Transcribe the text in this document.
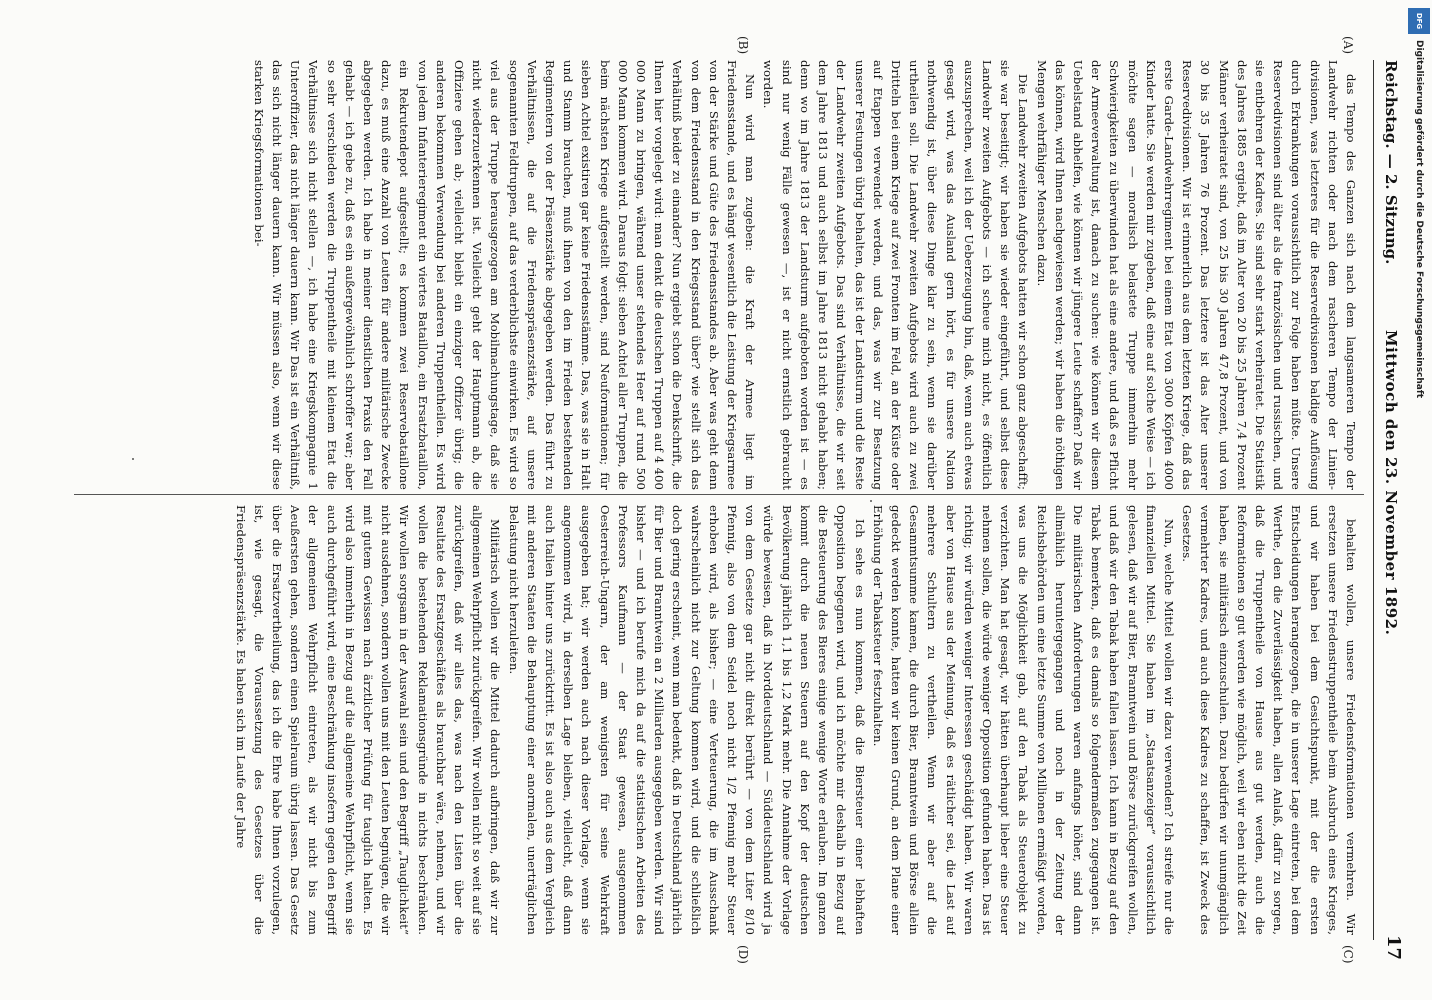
Reichstag. — 2. Sitzung.
Mittwoch den 23. November 1892.
17
(A)
(B)
(C)
(D)

das Tempo des Ganzen sich nach dem langsameren Tempo der Landwehr richten oder nach dem rascheren Tempo der Linien-divisionen, was letzteres für die Reservedivisionen baldige Auflösung durch Erkrankungen voraussichtlich zur Folge haben müßte. Unsere Reservedivisionen sind älter als die französischen und russischen, und sie entbehren der Kadres. Sie sind sehr stark verheiratet. Die Statistik des Jahres 1885 ergiebt, daß im Alter von 20 bis 25 Jahren 7,4 Prozent Männer verheiratet sind, von 25 bis 30 Jahren 47,8 Prozent, und von 30 bis 35 Jahren 76 Prozent. Das letztere ist das Alter unserer Reservedivisionen. Wir ist erinnerlich aus dem letzten Kriege, daß das erste Garde-Landwehrregiment bei einem Etat von 3000 Köpfen 4000 Kinder hatte. Sie werden mir zugeben, daß eine auf solche Weise — ich möchte sagen — moralisch belastete Truppe immerhin mehr Schwierigkeiten zu überwinden hat als eine andere, und daß es Pflicht der Armeeverwaltung ist, danach zu suchen: wie können wir diesem Uebelstand abhelfen, wie können wir jüngere Leute schaffen? Daß wir das können, wird Ihnen nachgewiesen werden; wir haben die nöthigen Mengen wehrfähiger Menschen dazu.

Die Landwehr zweiten Aufgebots hatten wir schon ganz abgeschafft; sie war beseitigt; wir haben sie wieder eingeführt, und selbst diese Landwehr zweiten Aufgebots — ich scheue mich nicht, es öffentlich auszusprechen, weil ich der Ueberzeugung bin, daß, wenn auch etwas gesagt wird, was das Ausland gern hört, es für unsere Nation nothwendig ist, über diese Dinge klar zu sein, wenn sie darüber urtheilen soll. Die Landwehr zweiten Aufgebots wird auch zu zwei Dritteln bei einem Kriege auf zwei Fronten im Feld, an der Küste oder auf Etappen verwendet werden, und das, was wir zur Besatzung unserer Festungen übrig behalten, das ist der Landsturm und die Reste der Landwehr zweiten Aufgebots. Das sind Verhältnisse, die wir seit dem Jahre 1813 und auch selbst im Jahre 1813 nicht gehabt haben; denn wo im Jahre 1813 der Landsturm aufgeboten worden ist — es sind nur wenig Fälle gewesen —, ist er nicht ernstlich gebraucht worden.

Nun wird man zugeben: die Kraft der Armee liegt im Friedensstande, und es hängt wesentlich die Leistung der Kriegsarmee von der Stärke und Güte des Friedensstandes ab. Aber was geht denn von dem Friedensstand in den Kriegsstand über? wie stellt sich das Verhältniß beider zu einander? Nun ergiebt schon die Denkschrift, die Ihnen hier vorgelegt wird: man denkt die deutschen Truppen auf 4 400 000 Mann zu bringen, während unser stehendes Heer auf rund 500 000 Mann kommen wird. Daraus folgt: sieben Achtel aller Truppen, die beim nächsten Kriege aufgestellt werden, sind Neuformationen; für sieben Achtel existiren gar keine Friedensstämme. Das, was sie in Halt und Stamm brauchen, muß ihnen von den im Frieden bestehenden Regimentern von der Präsenzstärke abgegeben werden. Das führt zu Verhältnissen, die auf die Friedenspräsenzstärke, auf unsere sogenannten Feldtruppen, auf das verderblichste einwirken. Es wird so viel aus der Truppe herausgezogen am Mobilmachungstage, daß sie nicht wiederzuerkennen ist. Vielleicht geht der Hauptmann ab, die Offiziere gehen ab; vielleicht bleibt ein einziger Offizier übrig; die anderen bekommen Verwendung bei anderen Truppentheilen. Es wird von jedem Infanterieregiment ein viertes Bataillon, ein Ersatzbataillon, ein Rekrutendepot aufgestellt; es kommen zwei Reservebataillone dazu, es muß eine Anzahl von Leuten für andere militärische Zwecke abgegeben werden. Ich habe in meiner dienstlichen Praxis den Fall gehabt — ich gebe zu, daß es ein außergewöhnlich schroffer war; aber so sehr verschieden werden die Truppentheile mit kleinem Etat die Verhältnisse sich nicht stellen —, ich habe eine Kriegskompagnie 1 Unteroffizier, das nicht länger dauern kann. Wir Das ist ein Verhältniß, das sich nicht länger dauern kann. Wir müssen also, wenn wir diese starken Kriegsformationen bei-

behalten wollen, unsere Friedensformationen vermehren. Wir ersetzen unsere Friedenstruppentheile beim Ausbruch eines Krieges, und wir haben bei dem Gesichtspunkt, mit der die ersten Entscheidungen herangezogen, die in unserer Lage eintreten, bei dem Werthe, den die Zuverlässigkeit haben, allen Anlaß, dafür zu sorgen, daß die Truppentheile von Hause aus gut werden, auch die Reformationen so gut werden wie möglich, weil wir eben nicht die Zeit haben, sie militärisch einzuschulen. Dazu bedürfen wir unumgänglich vermehrter Kadres, und auch diese Kadres zu schaffen, ist Zweck des Gesetzes.

Nun, welche Mittel wollen wir dazu verwenden? Ich streife nur die finanziellen Mittel. Sie haben im „Staatsanzeiger“ voraussichtlich gelesen, daß wir auf Bier, Branntwein und Börse zurückgreifen wollen, und daß wir den Tabak haben fallen lassen. Ich kann in Bezug auf den Tabak bemerken, daß es damals so folgendermaßen zugegangen ist. Die militärischen Anforderungen waren anfangs höher, sind dann allmählich heruntergegangen und noch in der Zeitung der Reichsbehörden um eine letzte Summe von Millionen ermäßigt worden, was uns die Möglichkeit gab, auf den Tabak als Steuerobjekt zu verzichten. Man hat gesagt, wir hätten überhaupt lieber eine Steuer nehmen sollen, die würde weniger Opposition gefunden haben. Das ist richtig; wir würden weniger Interessen geschädigt haben. Wir waren aber von Hause aus der Meinung, daß es rätlicher sei, die Last auf mehrere Schultern zu vertheilen. Wenn wir aber auf die Gesammtsumme kamen, die durch Bier, Branntwein und Börse allein gedeckt werden konnte, hatten wir keinen Grund, an dem Plane einer Erhöhung der Tabaksteuer festzuhalten.

Ich sehe es nun kommen, daß die Biersteuer einer lebhaften Opposition begegnen wird, und ich möchte mir deshalb in Bezug auf die Besteuerung des Bieres einige wenige Worte erlauben. Im ganzen kommt durch die neuen Steuern auf den Kopf der deutschen Bevölkerung jährlich 1,1 bis 1,2 Mark mehr. Die Annahme der Vorlage würde beweisen, daß in Norddeutschland — Süddeutschland wird ja von dem Gesetze gar nicht direkt berührt — von dem Liter 8/10 Pfennig, also von dem Seidel noch nicht 1/2 Pfennig mehr Steuer erhoben wird, als bisher; — eine Verteuerung, die im Ausschank wahrscheinlich nicht zur Geltung kommen wird, und die schließlich doch gering erscheint, wenn man bedenkt, daß in Deutschland jährlich für Bier und Branntwein an 2 Milliarden ausgegeben werden. Wir sind bisher — und ich berufe mich da auf die statistischen Arbeiten des Professors Kaufmann — der Staat gewesen, ausgenommen Oesterreich-Ungarn, der am wenigsten für seine Wehrkraft ausgegeben hat; wir werden auch nach dieser Vorlage, wenn sie angenommen wird, in derselben Lage bleiben, vielleicht, daß dann auch Italien hinter uns zurücktritt. Es ist also auch aus dem Vergleich mit anderen Staaten die Behauptung einer anormalen, unerträglichen Belastung nicht herzuleiten.

Militärisch wollen wir die Mittel dadurch aufbringen, daß wir zur allgemeinen Wehrpflicht zurückgreifen. Wir wollen nicht so weit auf sie zurückgreifen, daß wir alles das, was nach den Listen über die Resultate des Ersatzgeschäftes als brauchbar wäre, nehmen, und wir wollen die bestehenden Reklamationsgründe in nichts beschränken. Wir wollen sorgsam in der Auswahl sein und den Begriff „Tauglichkeit“ nicht ausdehnen, sondern wollen uns mit den Leuten begnügen, die wir mit gutem Gewissen nach ärztlicher Prüfung für tauglich halten. Es wird also immerhin in Bezug auf die allgemeine Wehrpflicht, wenn sie auch durchgeführt wird, eine Beschränkung insofern gegen den Begriff der allgemeinen Wehrpflicht eintreten, als wir nicht bis zum Aeußersten gehen, sondern einen Spielraum übrig lassen. Das Gesetz über die Ersatzvertheilung, das ich die Ehre habe Ihnen vorzulegen, ist, wie gesagt, die Voraussetzung des Gesetzes über die Friedenspräsenzstärke. Es haben sich im Laufe der Jahre

DFG
Digitalisierung gefördert durch die Deutsche Forschungsgemeinschaft
